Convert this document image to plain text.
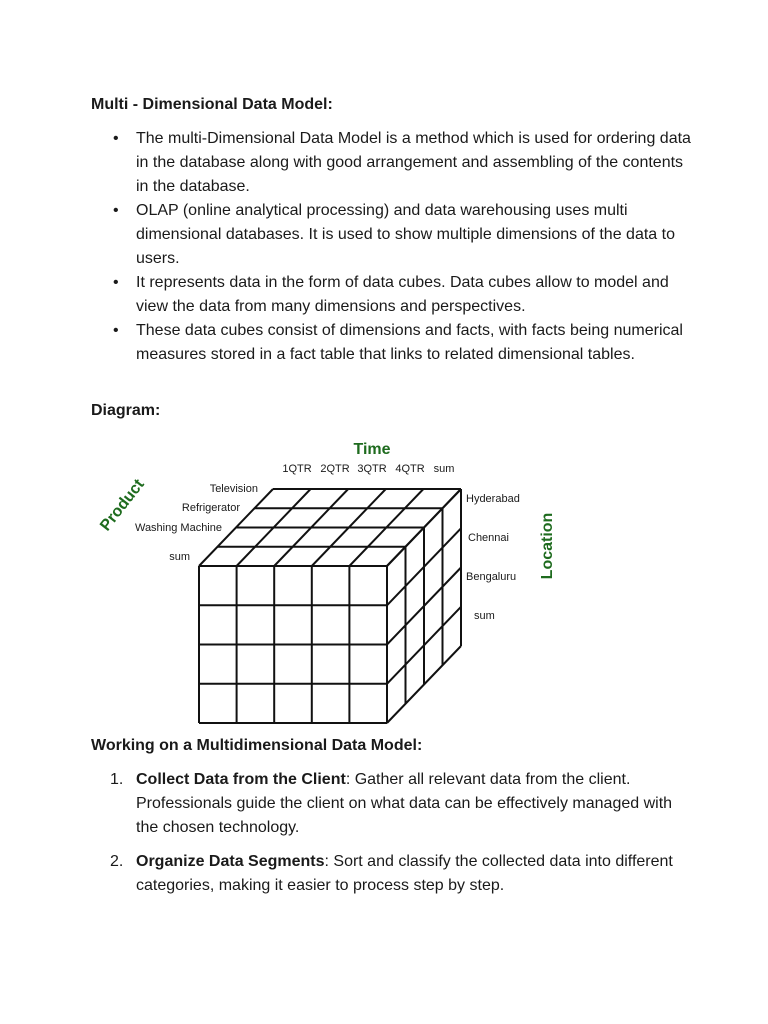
Multi - Dimensional Data Model:
• The multi-Dimensional Data Model is a method which is used for ordering data in the database along with good arrangement and assembling of the contents in the database.
• OLAP (online analytical processing) and data warehousing uses multi dimensional databases. It is used to show multiple dimensions of the data to users.
• It represents data in the form of data cubes. Data cubes allow to model and view the data from many dimensions and perspectives.
• These data cubes consist of dimensions and facts, with facts being numerical measures stored in a fact table that links to related dimensional tables.
Diagram:
Time
1QTR 2QTR 3QTR 4QTR sum
Product	Television
Refrigerator
Washing Machine
sum	Location
Hyderabad
Chennai
Bengaluru
sum
Working on a Multidimensional Data Model:
1. Collect Data from the Client: Gather all relevant data from the client. Professionals guide the client on what data can be effectively managed with the chosen technology.
2. Organize Data Segments: Sort and classify the collected data into different categories, making it easier to process step by step.
